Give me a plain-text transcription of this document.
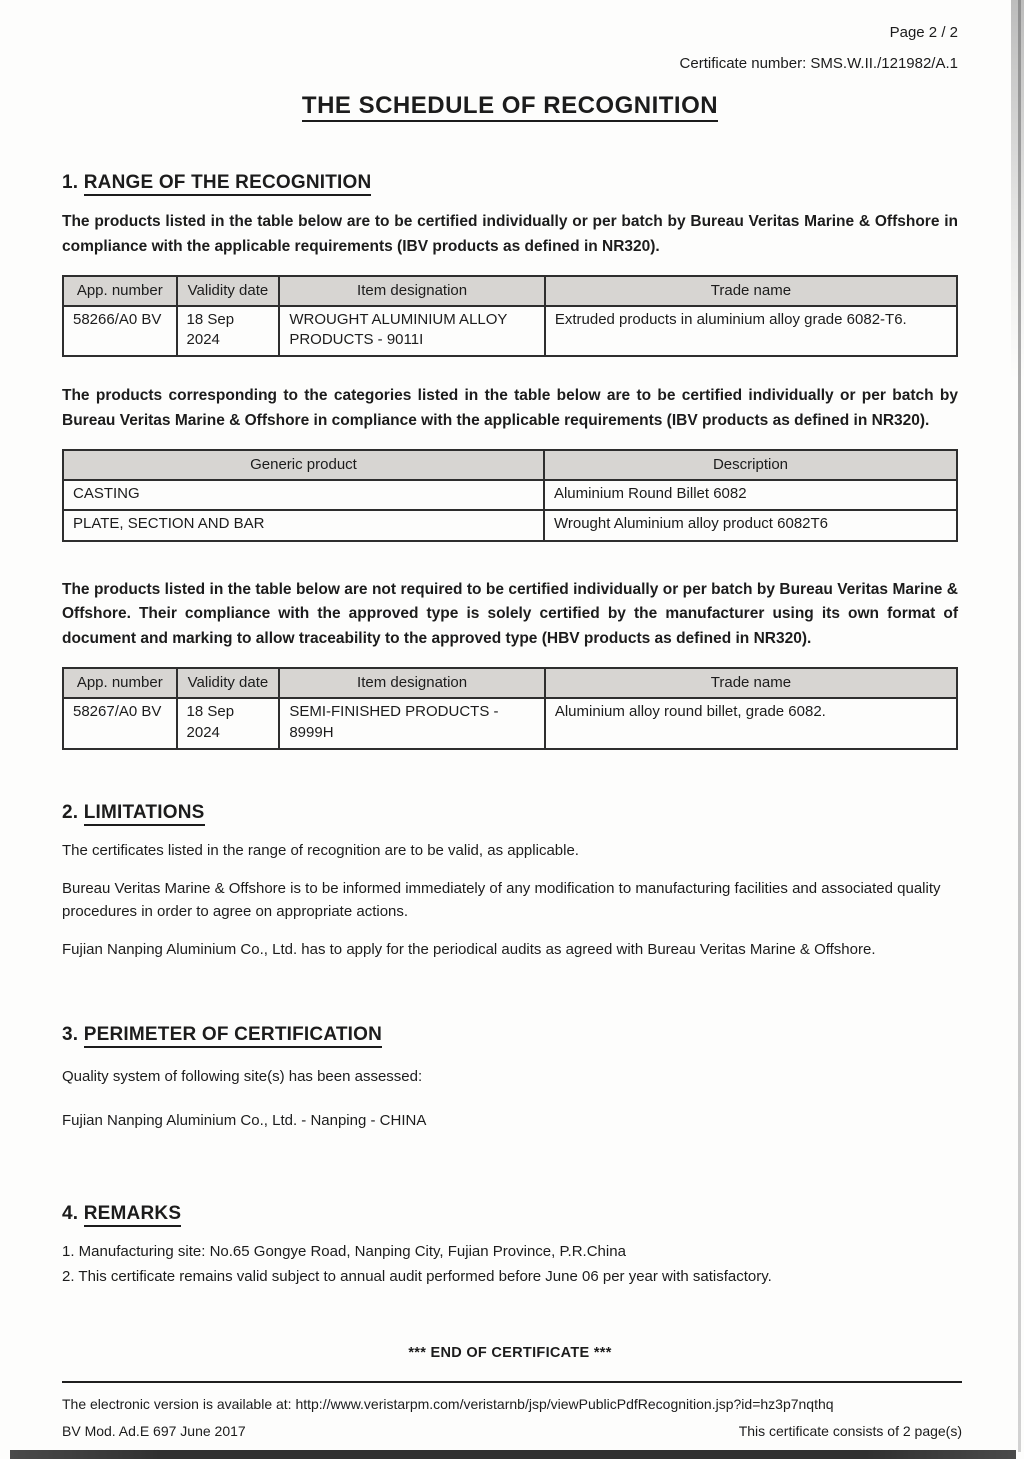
Page 2 / 2
Certificate number: SMS.W.II./121982/A.1
THE SCHEDULE OF RECOGNITION
1. RANGE OF THE RECOGNITION

The products listed in the table below are to be certified individually or per batch by Bureau Veritas Marine & Offshore in compliance with the applicable requirements (IBV products as defined in NR320).

App. number	Validity date	Item designation	Trade name
58266/A0 BV	18 Sep 2024	WROUGHT ALUMINIUM ALLOY PRODUCTS - 9011I	Extruded products in aluminium alloy grade 6082-T6.

The products corresponding to the categories listed in the table below are to be certified individually or per batch by Bureau Veritas Marine & Offshore in compliance with the applicable requirements (IBV products as defined in NR320).

Generic product	Description
CASTING	Aluminium Round Billet 6082
PLATE, SECTION AND BAR	Wrought Aluminium alloy product 6082T6

The products listed in the table below are not required to be certified individually or per batch by Bureau Veritas Marine & Offshore. Their compliance with the approved type is solely certified by the manufacturer using its own format of document and marking to allow traceability to the approved type (HBV products as defined in NR320).

App. number	Validity date	Item designation	Trade name
58267/A0 BV	18 Sep 2024	SEMI-FINISHED PRODUCTS - 8999H	Aluminium alloy round billet, grade 6082.
2. LIMITATIONS

The certificates listed in the range of recognition are to be valid, as applicable.

Bureau Veritas Marine & Offshore is to be informed immediately of any modification to manufacturing facilities and associated quality procedures in order to agree on appropriate actions.

Fujian Nanping Aluminium Co., Ltd. has to apply for the periodical audits as agreed with Bureau Veritas Marine & Offshore.

3. PERIMETER OF CERTIFICATION

Quality system of following site(s) has been assessed:

Fujian Nanping Aluminium Co., Ltd. - Nanping - CHINA

4. REMARKS
1. Manufacturing site: No.65 Gongye Road, Nanping City, Fujian Province, P.R.China
2. This certificate remains valid subject to annual audit performed before June 06 per year with satisfactory.
*** END OF CERTIFICATE ***
The electronic version is available at: http://www.veristarpm.com/veristarnb/jsp/viewPublicPdfRecognition.jsp?id=hz3p7nqthq
BV Mod. Ad.E 697 June 2017	This certificate consists of 2 page(s)
